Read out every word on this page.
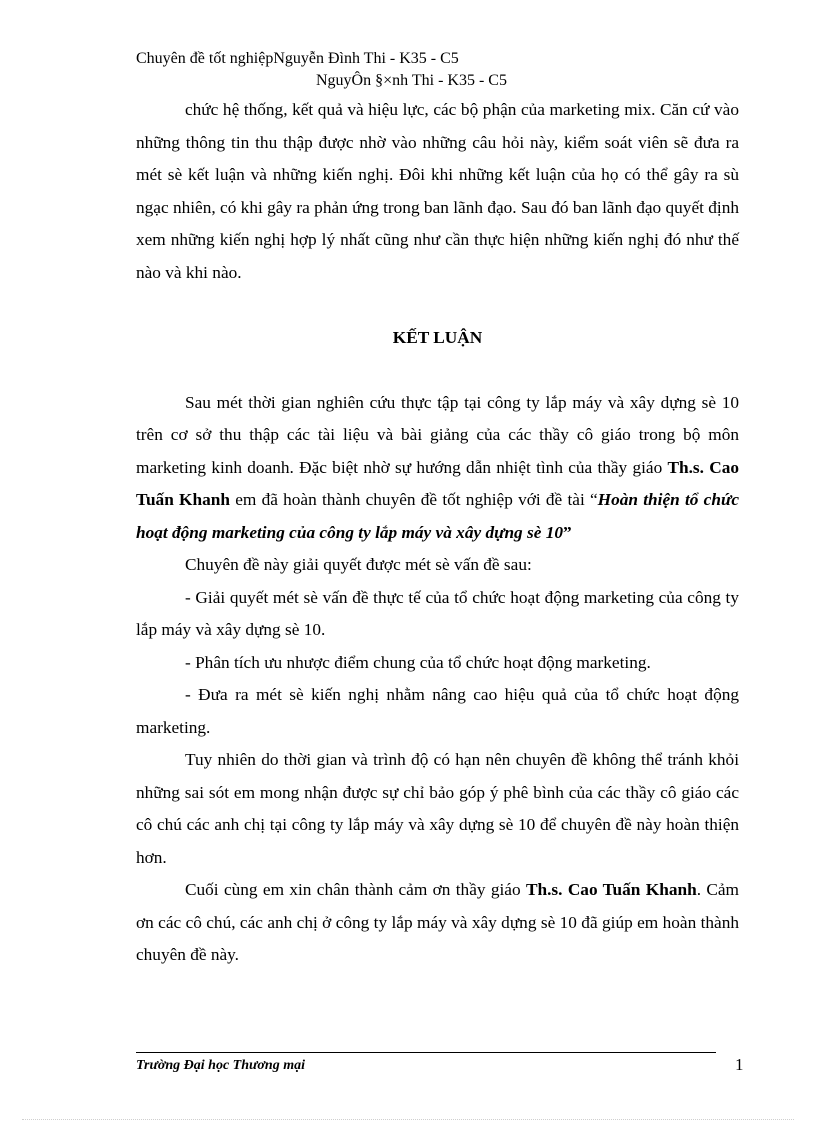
Chuyên đề tốt nghiệpNguyễn Đình Thi - K35 - C5
NguyÔn §×nh Thi - K35 - C5

chức hệ thống, kết quả và hiệu lực, các bộ phận của marketing mix. Căn cứ vào những thông tin thu thập được nhờ vào những câu hỏi này, kiểm soát viên sẽ đưa ra mét sè kết luận và những kiến nghị. Đôi khi những kết luận của họ có thể gây ra sù ngạc nhiên, có khi gây ra phản ứng trong ban lãnh đạo. Sau đó ban lãnh đạo quyết định xem những kiến nghị hợp lý nhất cũng như cần thực hiện những kiến nghị đó như thế nào và khi nào.

KẾT LUẬN

Sau mét thời gian nghiên cứu thực tập tại công ty lắp máy và xây dựng sè 10 trên cơ sở thu thập các tài liệu và bài giảng của các thầy cô giáo trong bộ môn marketing kinh doanh. Đặc biệt nhờ sự hướng dẫn nhiệt tình của thầy giáo Th.s. Cao Tuấn Khanh em đã hoàn thành chuyên đề tốt nghiệp với đề tài “Hoàn thiện tổ chức hoạt động marketing của công ty lắp máy và xây dựng sè 10”

Chuyên đề này giải quyết được mét sè vấn đề sau:

- Giải quyết mét sè vấn đề thực tế của tổ chức hoạt động marketing của công ty lắp máy và xây dựng sè 10.

- Phân tích ưu nhược điểm chung của tổ chức hoạt động marketing.

- Đưa ra mét sè kiến nghị nhằm nâng cao hiệu quả của tổ chức hoạt động marketing.

Tuy nhiên do thời gian và trình độ có hạn nên chuyên đề không thể tránh khỏi những sai sót em mong nhận được sự chỉ bảo góp ý phê bình của các thầy cô giáo các cô chú các anh chị tại công ty lắp máy và xây dựng sè 10 để chuyên đề này hoàn thiện hơn.

Cuối cùng em xin chân thành cảm ơn thầy giáo Th.s. Cao Tuấn Khanh. Cảm ơn các cô chú, các anh chị ở công ty lắp máy và xây dựng sè 10 đã giúp em hoàn thành chuyên đề này.

Trường Đại học Thương mại	1
